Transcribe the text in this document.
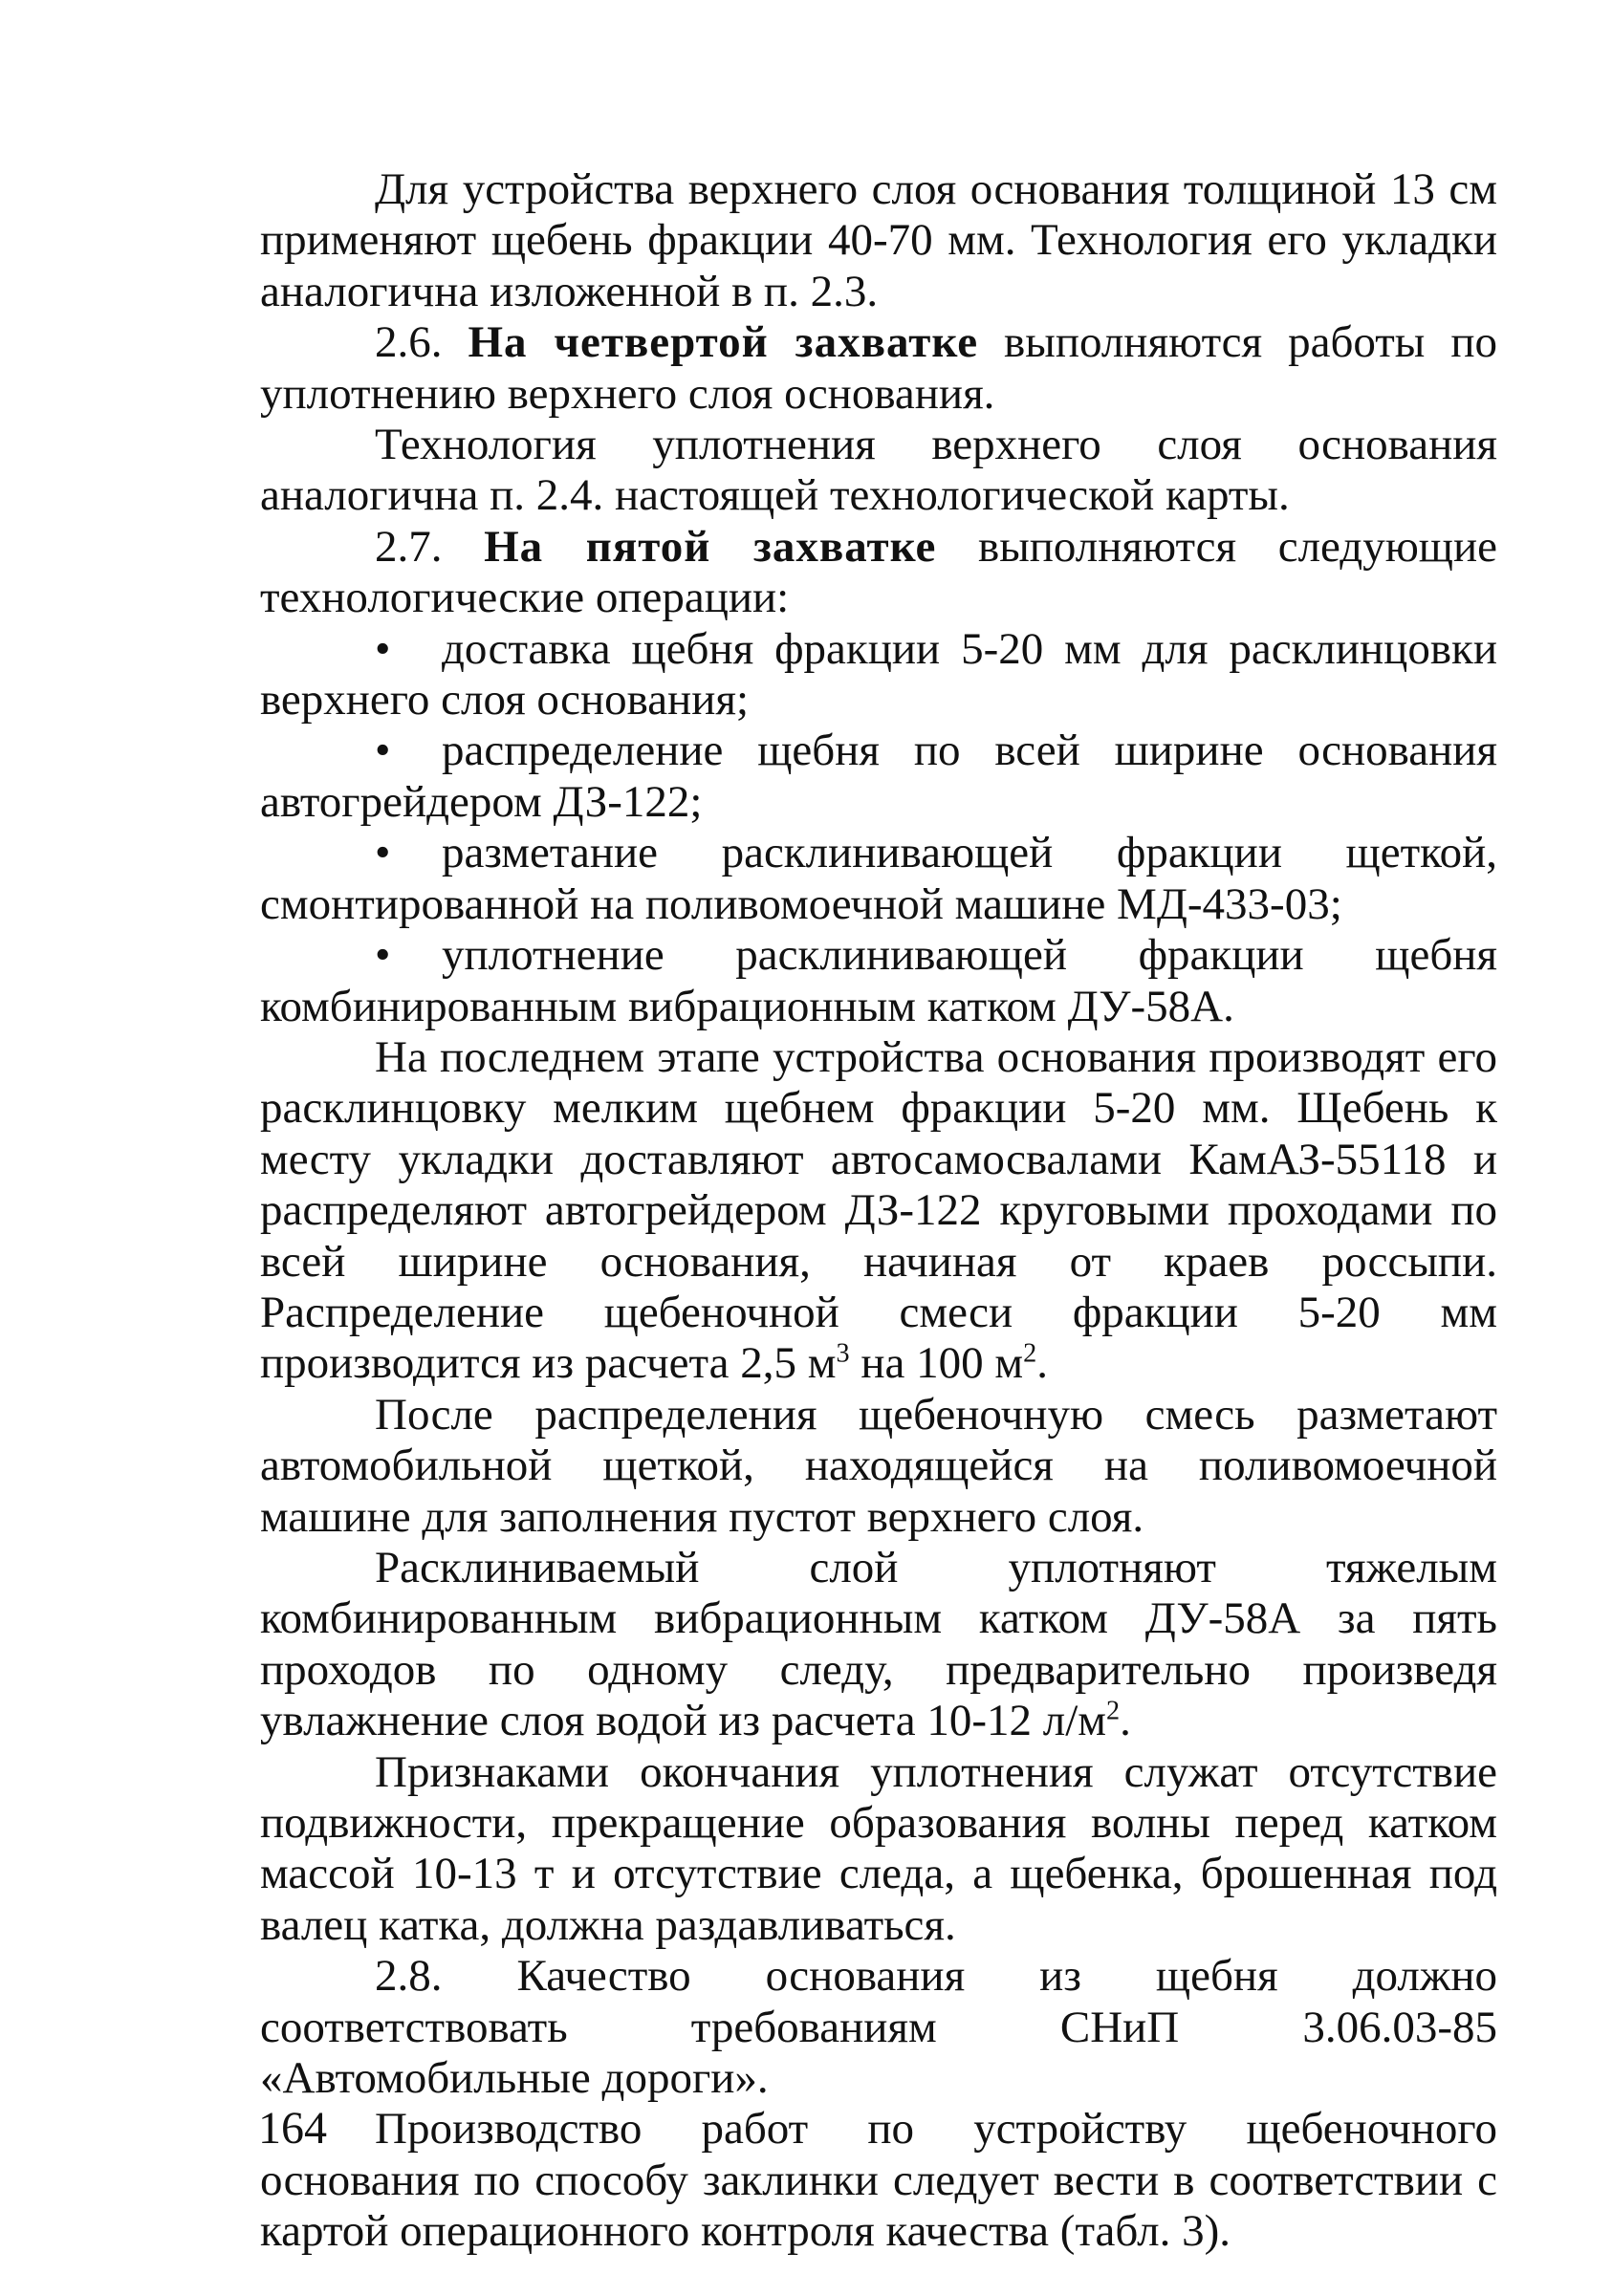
Для устройства верхнего слоя основания толщиной 13 см применяют щебень фракции 40-70 мм. Технология его укладки аналогична изложенной в п. 2.3.

2.6. На четвертой захватке выполняются работы по уплотнению верхнего слоя основания.

Технология уплотнения верхнего слоя основания аналогична п. 2.4. настоящей технологической карты.

2.7. На пятой захватке выполняются следующие технологические операции:

• доставка щебня фракции 5-20 мм для расклинцовки верхнего слоя основания;

• распределение щебня по всей ширине основания автогрейдером ДЗ-122;

• разметание расклинивающей фракции щеткой, смонтированной на поливомоечной машине МД-433-03;

• уплотнение расклинивающей фракции щебня комбинированным вибрационным катком ДУ-58А.

На последнем этапе устройства основания производят его расклинцовку мелким щебнем фракции 5-20 мм. Щебень к месту укладки доставляют автосамосвалами КамАЗ-55118 и распределяют автогрейдером ДЗ-122 круговыми проходами по всей ширине основания, начиная от краев россыпи. Распределение щебеночной смеси фракции 5-20 мм производится из расчета 2,5 $м^3$ на 100 $м^2$.

После распределения щебеночную смесь разметают автомобильной щеткой, находящейся на поливомоечной машине для заполнения пустот верхнего слоя.

Расклиниваемый слой уплотняют тяжелым комбинированным вибрационным катком ДУ-58А за пять проходов по одному следу, предварительно произведя увлажнение слоя водой из расчета 10-12 $л/м^2$.

Признаками окончания уплотнения служат отсутствие подвижности, прекращение образования волны перед катком массой 10-13 т и отсутствие следа, а щебенка, брошенная под валец катка, должна раздавливаться.

2.8. Качество основания из щебня должно соответствовать требованиям СНиП 3.06.03-85 «Автомобильные дороги».

Производство работ по устройству щебеночного основания по способу заклинки следует вести в соответствии с картой операционного контроля качества (табл. 3).

164
